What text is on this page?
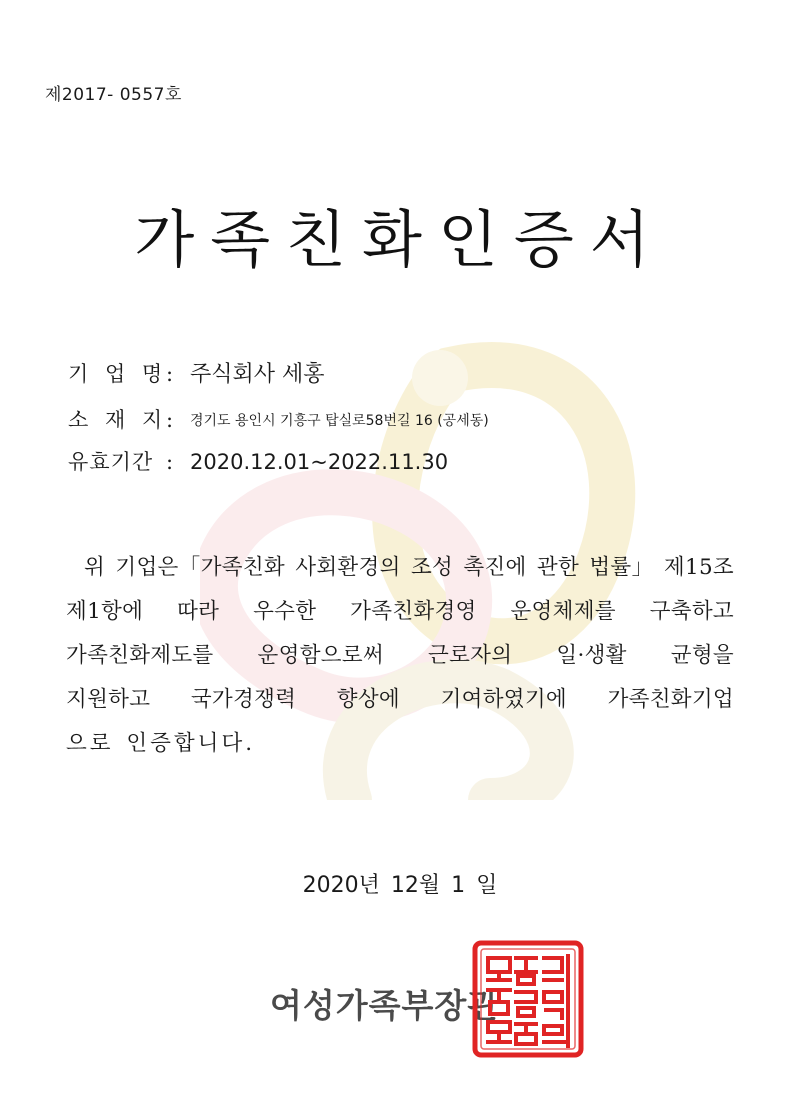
제2017- 0557호
가족친화인증서
기 업 명
: 주식회사 세홍
소 재 지
:	경기도 용인시 기흥구 탑실로58번길 16 (공세동)
유효기간 : 2020.12.01~2022.11.30
위 기업은「가족친화 사회환경의 조성 촉진에 관한 법률」 제15조
제1항에 따라 우수한 가족친화경영 운영체제를 구축하고
가족친화제도를 운영함으로써 근로자의 일·생활 균형을
지원하고 국가경쟁력 향상에 기여하였기에 가족친화기업
으로 인증합니다.
2020년 12월 1 일
여성가족부장관
